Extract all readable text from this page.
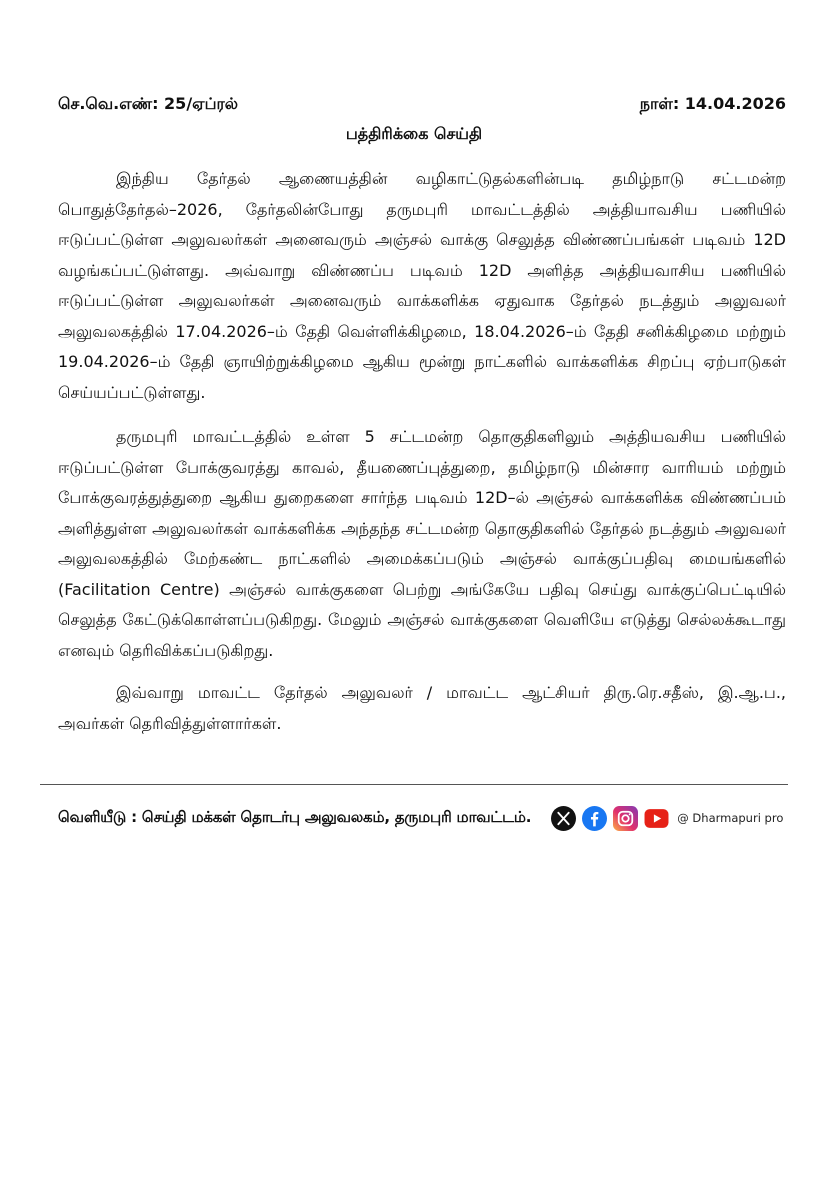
செ.வெ.எண்: 25/ஏப்ரல்	நாள்: 14.04.2026
பத்திரிக்கை செய்தி

இந்திய தேர்தல் ஆணையத்தின் வழிகாட்டுதல்களின்படி தமிழ்நாடு சட்டமன்ற பொதுத்தேர்தல்–2026, தேர்தலின்போது தருமபுரி மாவட்டத்தில் அத்தியாவசிய பணியில் ஈடுப்பட்டுள்ள அலுவலர்கள் அனைவரும் அஞ்சல் வாக்கு செலுத்த விண்ணப்பங்கள் படிவம் 12D வழங்கப்பட்டுள்ளது. அவ்வாறு விண்ணப்ப படிவம் 12D அளித்த அத்தியவாசிய பணியில் ஈடுப்பட்டுள்ள அலுவலர்கள் அனைவரும் வாக்களிக்க ஏதுவாக தேர்தல் நடத்தும் அலுவலர் அலுவலகத்தில் 17.04.2026–ம் தேதி வெள்ளிக்கிழமை, 18.04.2026–ம் தேதி சனிக்கிழமை மற்றும் 19.04.2026–ம் தேதி ஞாயிற்றுக்கிழமை ஆகிய மூன்று நாட்களில் வாக்களிக்க சிறப்பு ஏற்பாடுகள் செய்யப்பட்டுள்ளது.

தருமபுரி மாவட்டத்தில் உள்ள 5 சட்டமன்ற தொகுதிகளிலும் அத்தியவசிய பணியில் ஈடுப்பட்டுள்ள போக்குவரத்து காவல், தீயணைப்புத்துறை, தமிழ்நாடு மின்சார வாரியம் மற்றும் போக்குவரத்துத்துறை ஆகிய துறைகளை சார்ந்த படிவம் 12D–ல் அஞ்சல் வாக்களிக்க விண்ணப்பம் அளித்துள்ள அலுவலர்கள் வாக்களிக்க அந்தந்த சட்டமன்ற தொகுதிகளில் தேர்தல் நடத்தும் அலுவலர் அலுவலகத்தில் மேற்கண்ட நாட்களில் அமைக்கப்படும் அஞ்சல் வாக்குப்பதிவு மையங்களில் (Facilitation Centre) அஞ்சல் வாக்குகளை பெற்று அங்கேயே பதிவு செய்து வாக்குப்பெட்டியில் செலுத்த கேட்டுக்கொள்ளப்படுகிறது. மேலும் அஞ்சல் வாக்குகளை வெளியே எடுத்து செல்லக்கூடாது எனவும் தெரிவிக்கப்படுகிறது.

இவ்வாறு மாவட்ட தேர்தல் அலுவலர் / மாவட்ட ஆட்சியர் திரு.ரெ.சதீஸ், இ.ஆ.ப., அவர்கள் தெரிவித்துள்ளார்கள்.

வெளியீடு : செய்தி மக்கள் தொடர்பு அலுவலகம், தருமபுரி மாவட்டம்.	@ Dharmapuri pro
